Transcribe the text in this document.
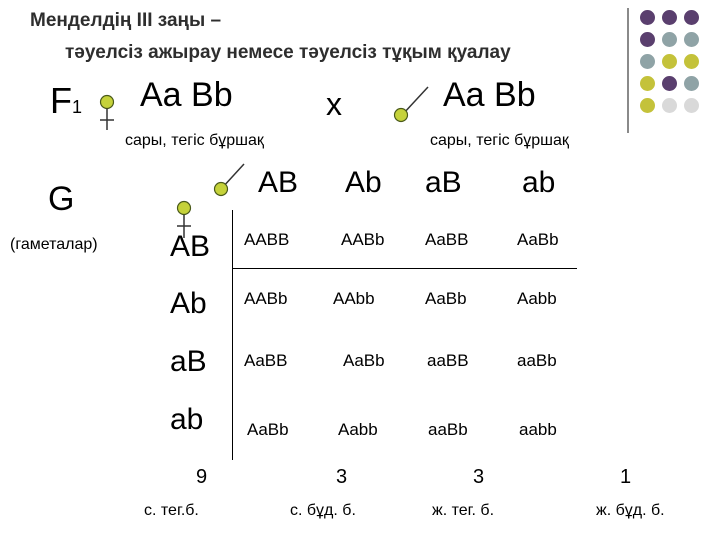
Менделдің ІІІ заңы –
тәуелсіз ажырау немесе тәуелсіз тұқым қуалау
F1 Aa Bb	x	Aa Bb
сары, тегіс бұршақ	сары, тегіс бұршақ
G
(гаметалар)
AB Ab aB ab
AB
Ab
aB
ab
AABB	AABb AaBB	AaBb
AABb	AAbb	AaBb	Aabb
AaBB	AaBb aaBB	aaBb
AaBb	Aabb	aaBb	aabb
9	3	3	1
с. тег.б.	с. бұд. б.	ж. тег. б.	ж. бұд. б.
